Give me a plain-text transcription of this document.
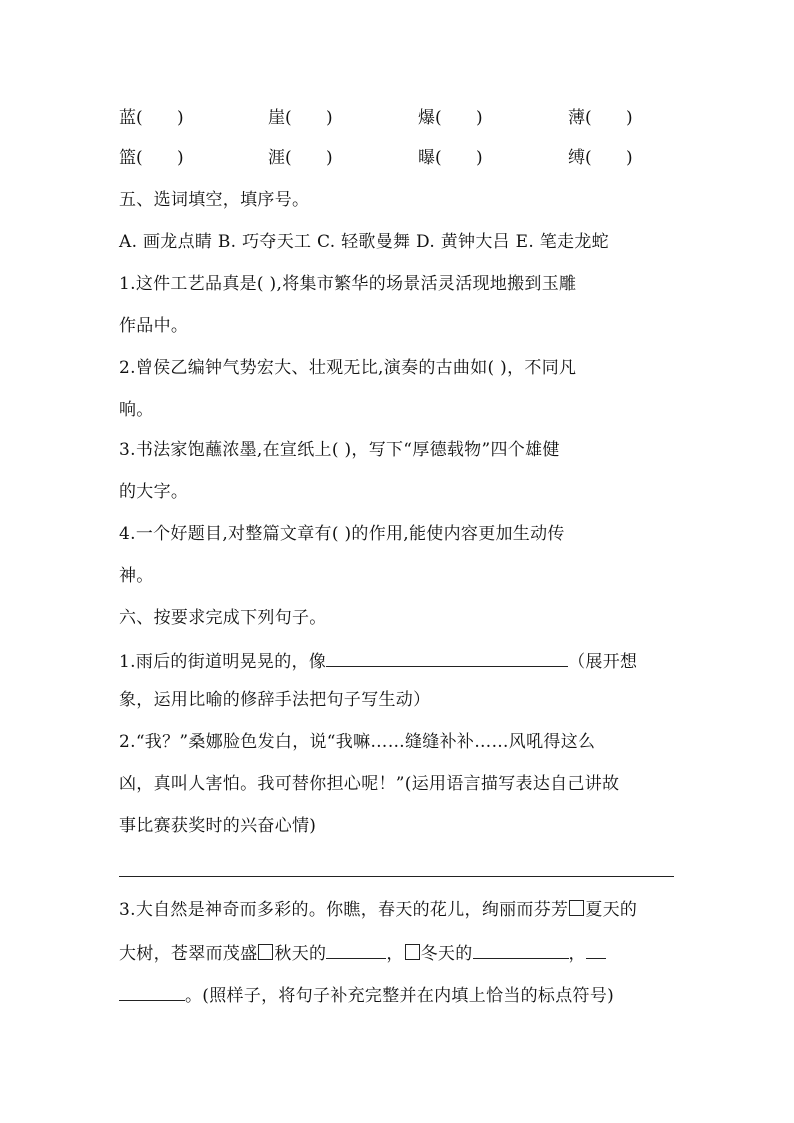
蓝( )	崖( )	爆( )	薄( )
篮( )	涯( )	曝( )	缚( )
五、选词填空，填序号。
A. 画龙点睛 B. 巧夺天工 C. 轻歌曼舞 D. 黄钟大吕 E. 笔走龙蛇
1.这件工艺品真是( ),将集市繁华的场景活灵活现地搬到玉雕
作品中。
2.曾侯乙编钟气势宏大、壮观无比,演奏的古曲如( )，不同凡
响。
3.书法家饱蘸浓墨,在宣纸上( )，写下“厚德载物”四个雄健
的大字。
4.一个好题目,对整篇文章有( )的作用,能使内容更加生动传
神。
六、按要求完成下列句子。
1.雨后的街道明晃晃的，像	（展开想
象，运用比喻的修辞手法把句子写生动）
2.“我？”桑娜脸色发白，说“我嘛……缝缝补补……风吼得这么
凶，真叫人害怕。我可替你担心呢！”(运用语言描写表达自己讲故
事比赛获奖时的兴奋心情)
3.大自然是神奇而多彩的。你瞧，春天的花儿，绚丽而芬芳 夏天的
大树，苍翠而茂盛 秋天的	， 冬天的	，
。(照样子，将句子补充完整并在内填上恰当的标点符号)
